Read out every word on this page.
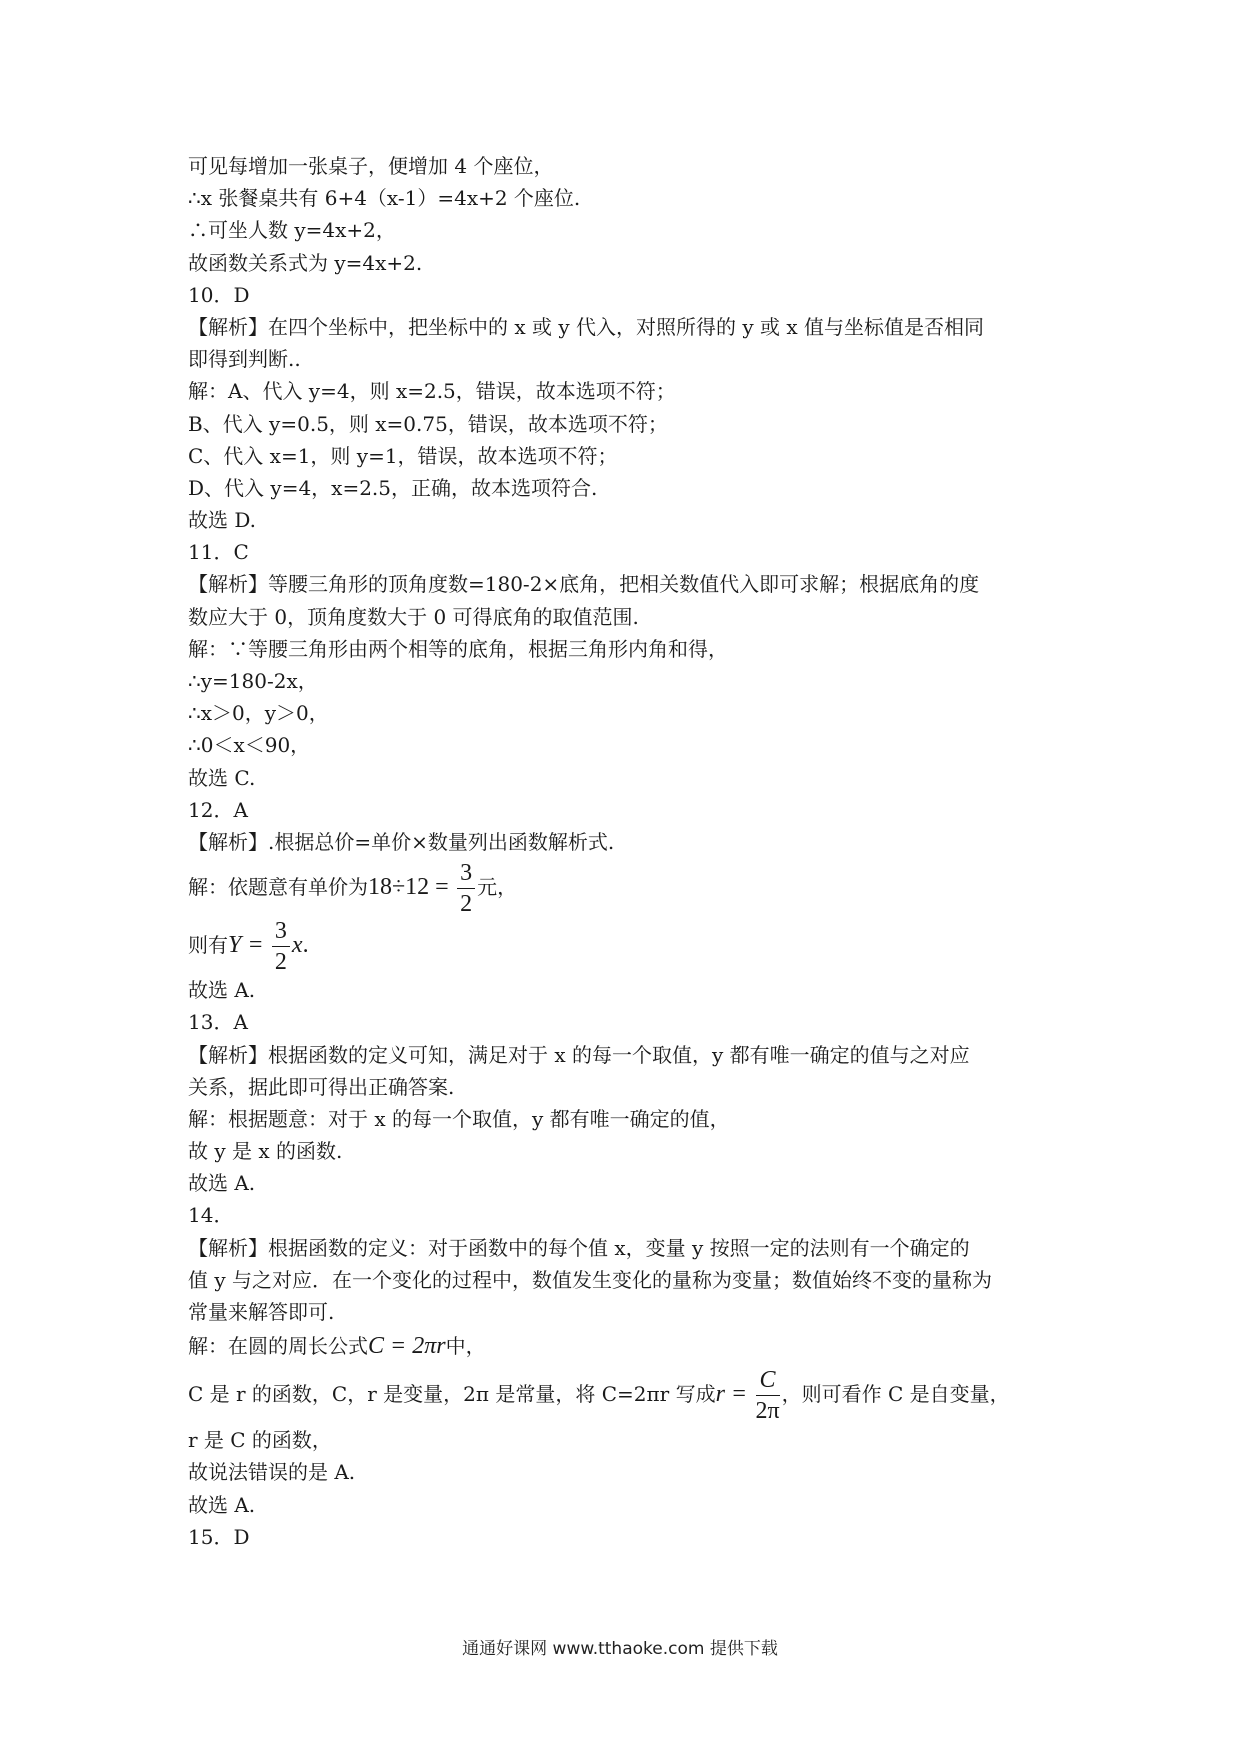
可见每增加一张桌子，便增加 4 个座位，
∴x 张餐桌共有 6+4（x-1）=4x+2 个座位.
∴可坐人数 y=4x+2，
故函数关系式为 y=4x+2.
10．D
【解析】在四个坐标中，把坐标中的 x 或 y 代入，对照所得的 y 或 x 值与坐标值是否相同
即得到判断..
解：A、代入 y=4，则 x=2.5，错误，故本选项不符；
B、代入 y=0.5，则 x=0.75，错误，故本选项不符；
C、代入 x=1，则 y=1，错误，故本选项不符；
D、代入 y=4，x=2.5，正确，故本选项符合.
故选 D.
11．C
【解析】等腰三角形的顶角度数=180-2×底角，把相关数值代入即可求解；根据底角的度
数应大于 0，顶角度数大于 0 可得底角的取值范围.
解：∵等腰三角形由两个相等的底角，根据三角形内角和得，
∴y=180-2x，
∴x＞0，y＞0，
∴0＜x＜90，
故选 C.
12．A
【解析】.根据总价=单价×数量列出函数解析式.
解：依题意有单价为$18\div 12 = \frac{3}{2}$ 元，
则有$Y = \frac{3}{2} x$.
故选 A.
13．A
【解析】根据函数的定义可知，满足对于 x 的每一个取值，y 都有唯一确定的值与之对应
关系，据此即可得出正确答案.
解：根据题意：对于 x 的每一个取值，y 都有唯一确定的值，
故 y 是 x 的函数.
故选 A.
14．
【解析】根据函数的定义：对于函数中的每个值 x，变量 y 按照一定的法则有一个确定的
值 y 与之对应．在一个变化的过程中，数值发生变化的量称为变量；数值始终不变的量称为
常量来解答即可.
解：在圆的周长公式C = 2πr中，
C 是 r 的函数，C，r 是变量，2π 是常量，将 C=2πr 写成$r = \frac{C}{2\pi}$ ，则可看作 C 是自变量，
r 是 C 的函数，
故说法错误的是 A.
故选 A.
15．D
通通好课网 www.tthaoke.com 提供下载
